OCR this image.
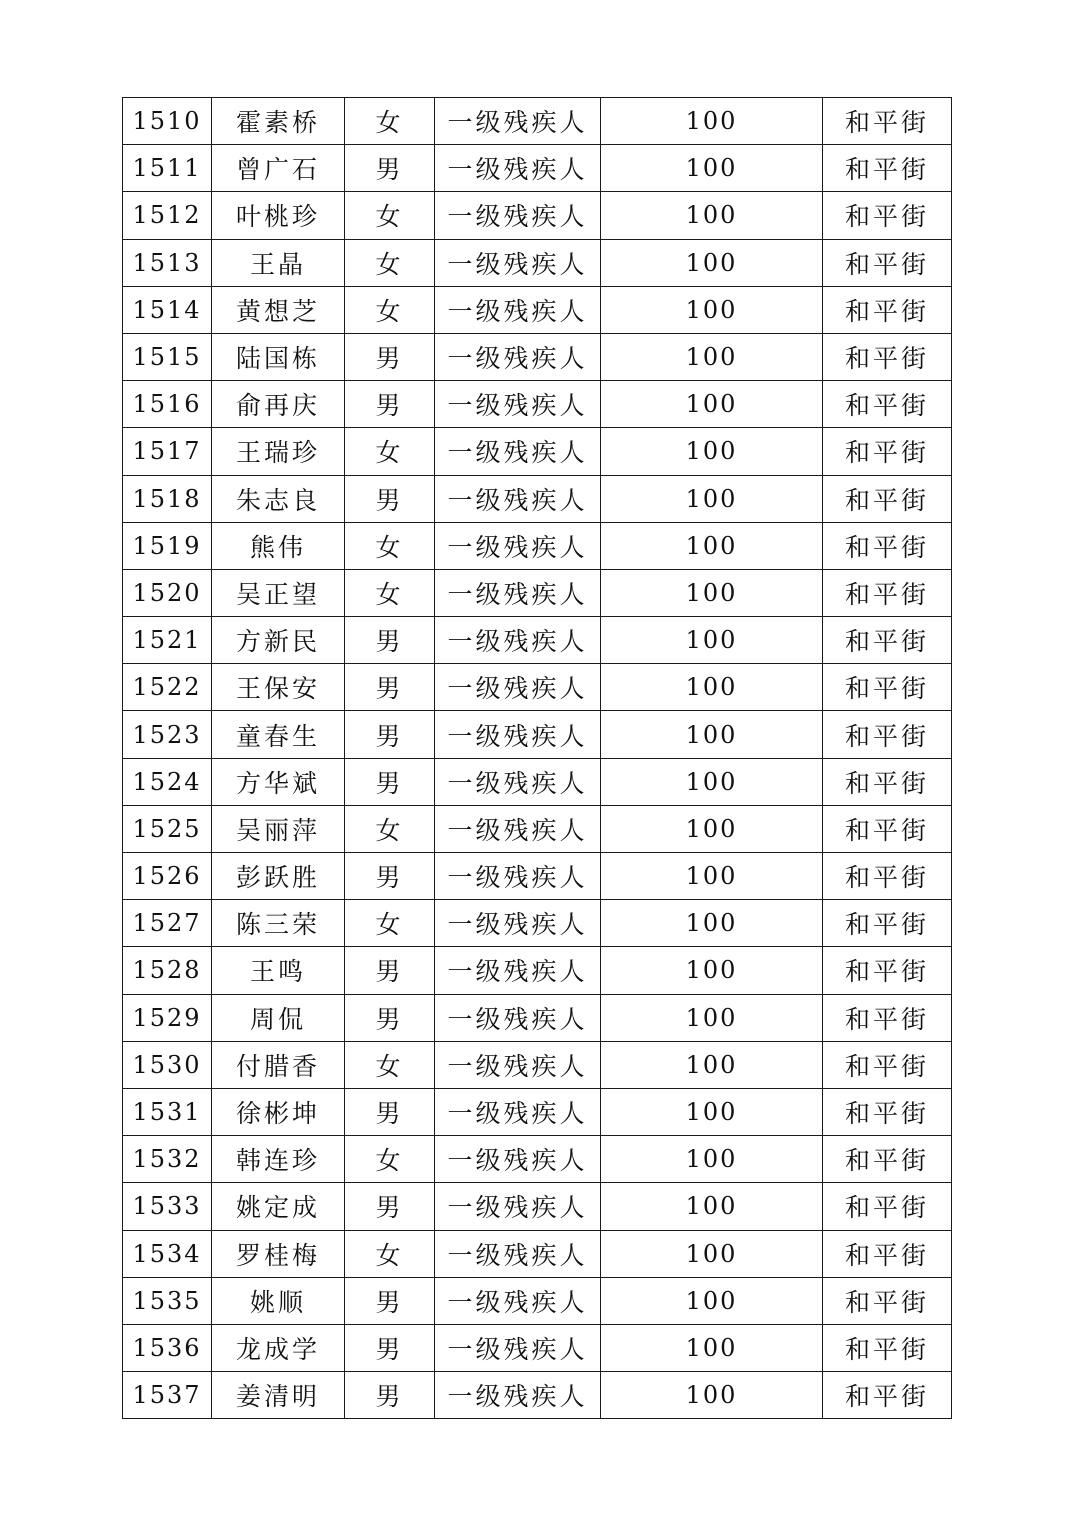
1510	霍素桥	女	一级残疾人	100	和平街
1511	曾广石	男	一级残疾人	100	和平街
1512	叶桃珍	女	一级残疾人	100	和平街
1513	王晶	女	一级残疾人	100	和平街
1514	黄想芝	女	一级残疾人	100	和平街
1515	陆国栋	男	一级残疾人	100	和平街
1516	俞再庆	男	一级残疾人	100	和平街
1517	王瑞珍	女	一级残疾人	100	和平街
1518	朱志良	男	一级残疾人	100	和平街
1519	熊伟	女	一级残疾人	100	和平街
1520	吴正望	女	一级残疾人	100	和平街
1521	方新民	男	一级残疾人	100	和平街
1522	王保安	男	一级残疾人	100	和平街
1523	童春生	男	一级残疾人	100	和平街
1524	方华斌	男	一级残疾人	100	和平街
1525	吴丽萍	女	一级残疾人	100	和平街
1526	彭跃胜	男	一级残疾人	100	和平街
1527	陈三荣	女	一级残疾人	100	和平街
1528	王鸣	男	一级残疾人	100	和平街
1529	周侃	男	一级残疾人	100	和平街
1530	付腊香	女	一级残疾人	100	和平街
1531	徐彬坤	男	一级残疾人	100	和平街
1532	韩连珍	女	一级残疾人	100	和平街
1533	姚定成	男	一级残疾人	100	和平街
1534	罗桂梅	女	一级残疾人	100	和平街
1535	姚顺	男	一级残疾人	100	和平街
1536	龙成学	男	一级残疾人	100	和平街
1537	姜清明	男	一级残疾人	100	和平街
